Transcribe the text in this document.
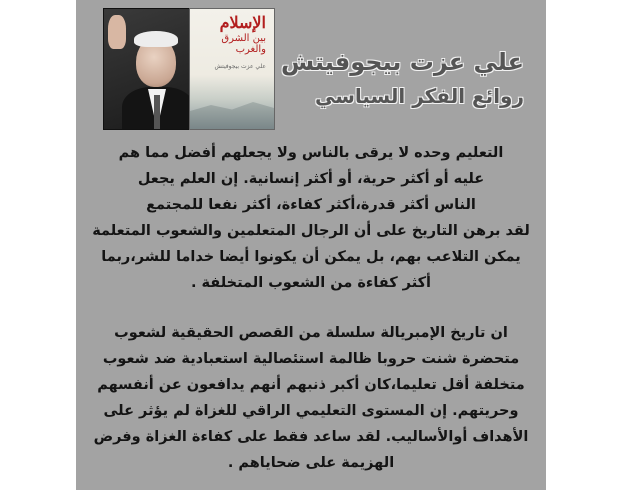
الإسلام
بين الشرق والغرب
علي عزت بيجوفيتش علي عزت بيجوفيتش
روائع الفكر السياسي
التعليم وحده لا يرقى بالناس ولا يجعلهم أفضل مما هم
عليه أو أكثر حرية، أو أكثر إنسانية. إن العلم يجعل
الناس أكثر قدرة،أكثر كفاءة، أكثر نفعا للمجتمع
لقد برهن التاريخ على أن الرجال المتعلمين والشعوب المتعلمة
يمكن التلاعب بهم، بل يمكن أن يكونوا أيضا خداما للشر،ربما
أكثر كفاءة من الشعوب المتخلفة .
ان تاريخ الإمبريالة سلسلة من القصص الحقيقية لشعوب
متحضرة شنت حروبا ظالمة استئصالية استعبادية ضد شعوب
متخلفة أقل تعليما،كان أكبر ذنبهم أنهم يدافعون عن أنفسهم
وحريتهم. إن المستوى التعليمي الراقي للغزاة لم يؤثر على
الأهداف أوالأساليب. لقد ساعد فقط على كفاءة الغزاة وفرض
الهزيمة على ضحاياهم .
